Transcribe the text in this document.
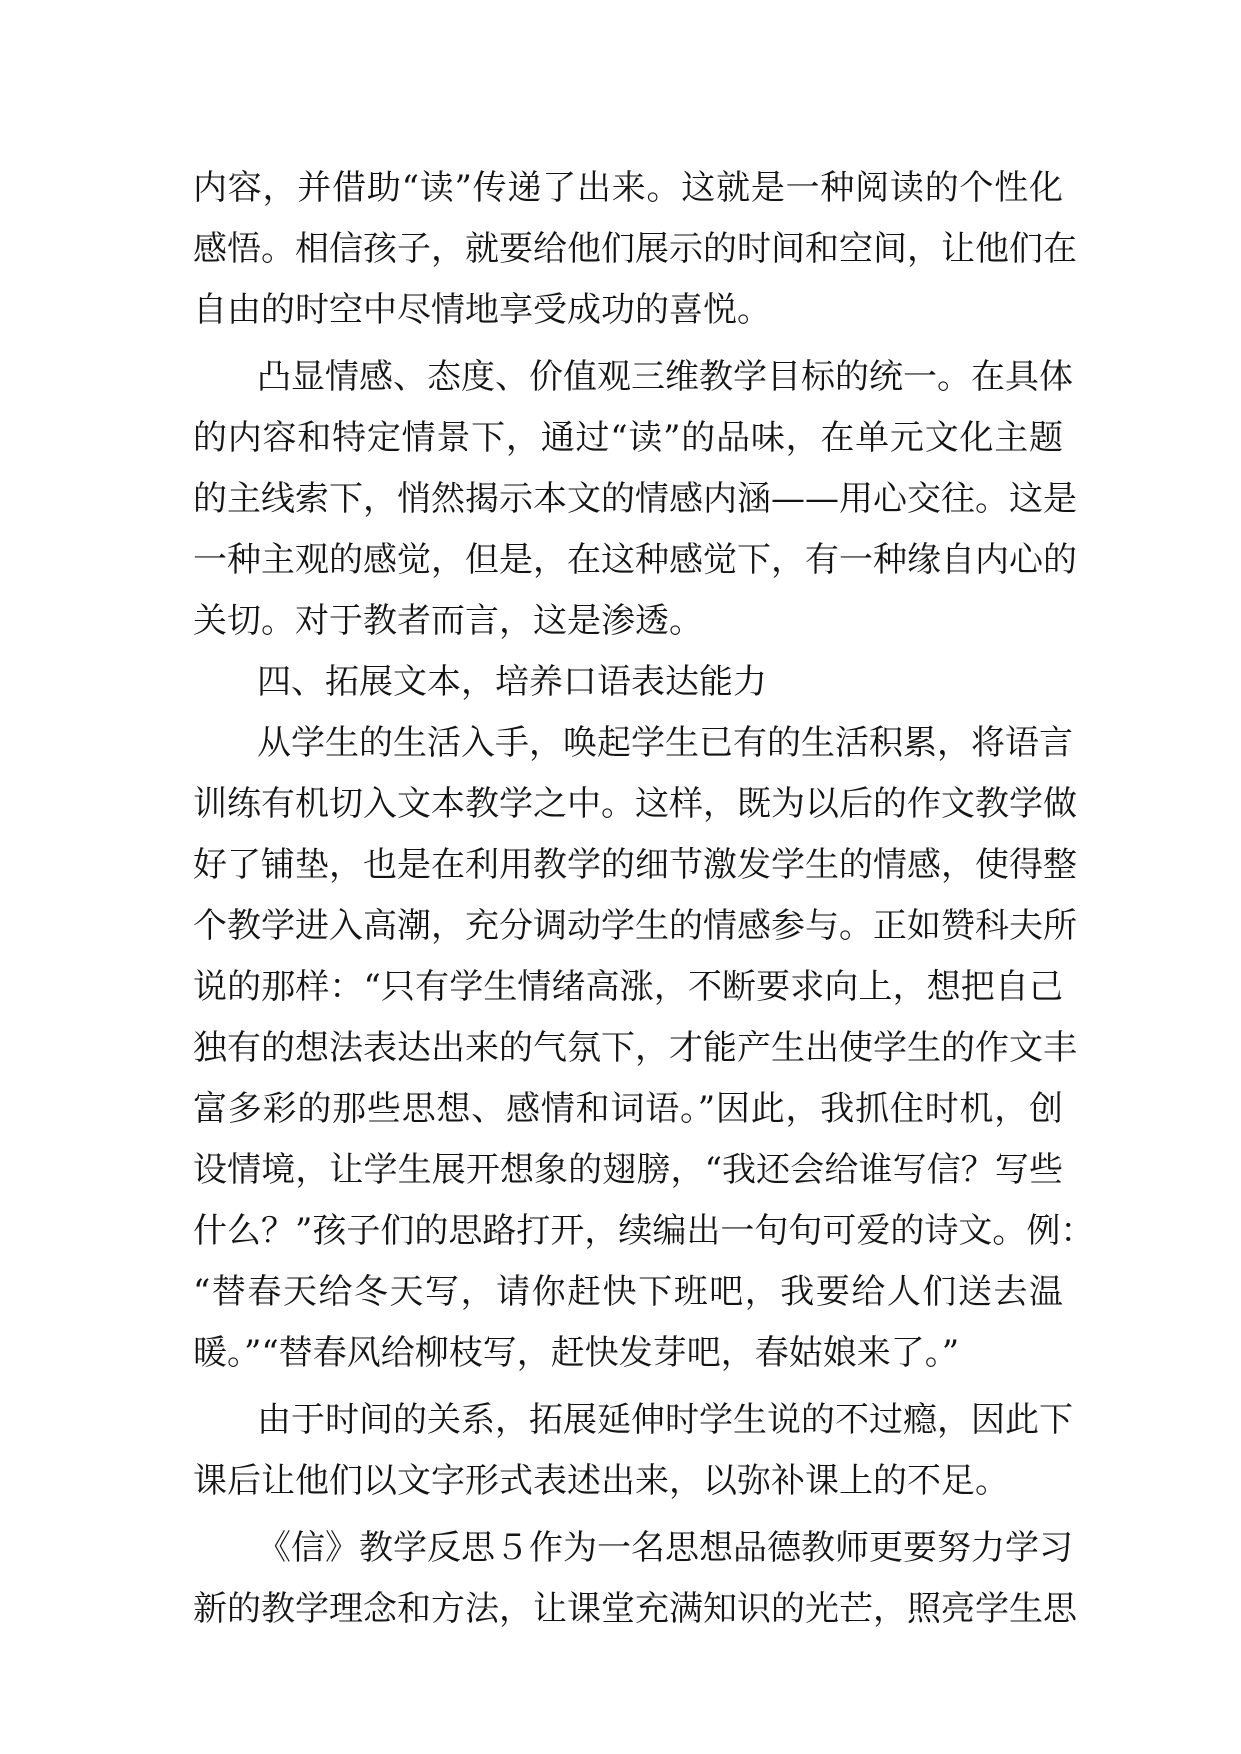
内容，并借助“读”传递了出来。这就是一种阅读的个性化
感悟。相信孩子，就要给他们展示的时间和空间，让他们在
自由的时空中尽情地享受成功的喜悦。
凸显情感、态度、价值观三维教学目标的统一。在具体
的内容和特定情景下，通过“读”的品味，在单元文化主题
的主线索下，悄然揭示本文的情感内涵——用心交往。这是
一种主观的感觉，但是，在这种感觉下，有一种缘自内心的
关切。对于教者而言，这是渗透。
四、拓展文本，培养口语表达能力
从学生的生活入手，唤起学生已有的生活积累，将语言
训练有机切入文本教学之中。这样，既为以后的作文教学做
好了铺垫，也是在利用教学的细节激发学生的情感，使得整
个教学进入高潮，充分调动学生的情感参与。正如赞科夫所
说的那样：“只有学生情绪高涨，不断要求向上，想把自己
独有的想法表达出来的气氛下，才能产生出使学生的作文丰
富多彩的那些思想、感情和词语。”因此，我抓住时机，创
设情境，让学生展开想象的翅膀，“我还会给谁写信？写些
什么？”孩子们的思路打开，续编出一句句可爱的诗文。例：
“替春天给冬天写，请你赶快下班吧，我要给人们送去温
暖。”“替春风给柳枝写，赶快发芽吧，春姑娘来了。”
由于时间的关系，拓展延伸时学生说的不过瘾，因此下
课后让他们以文字形式表述出来，以弥补课上的不足。
《信》教学反思５作为一名思想品德教师更要努力学习
新的教学理念和方法，让课堂充满知识的光芒，照亮学生思
